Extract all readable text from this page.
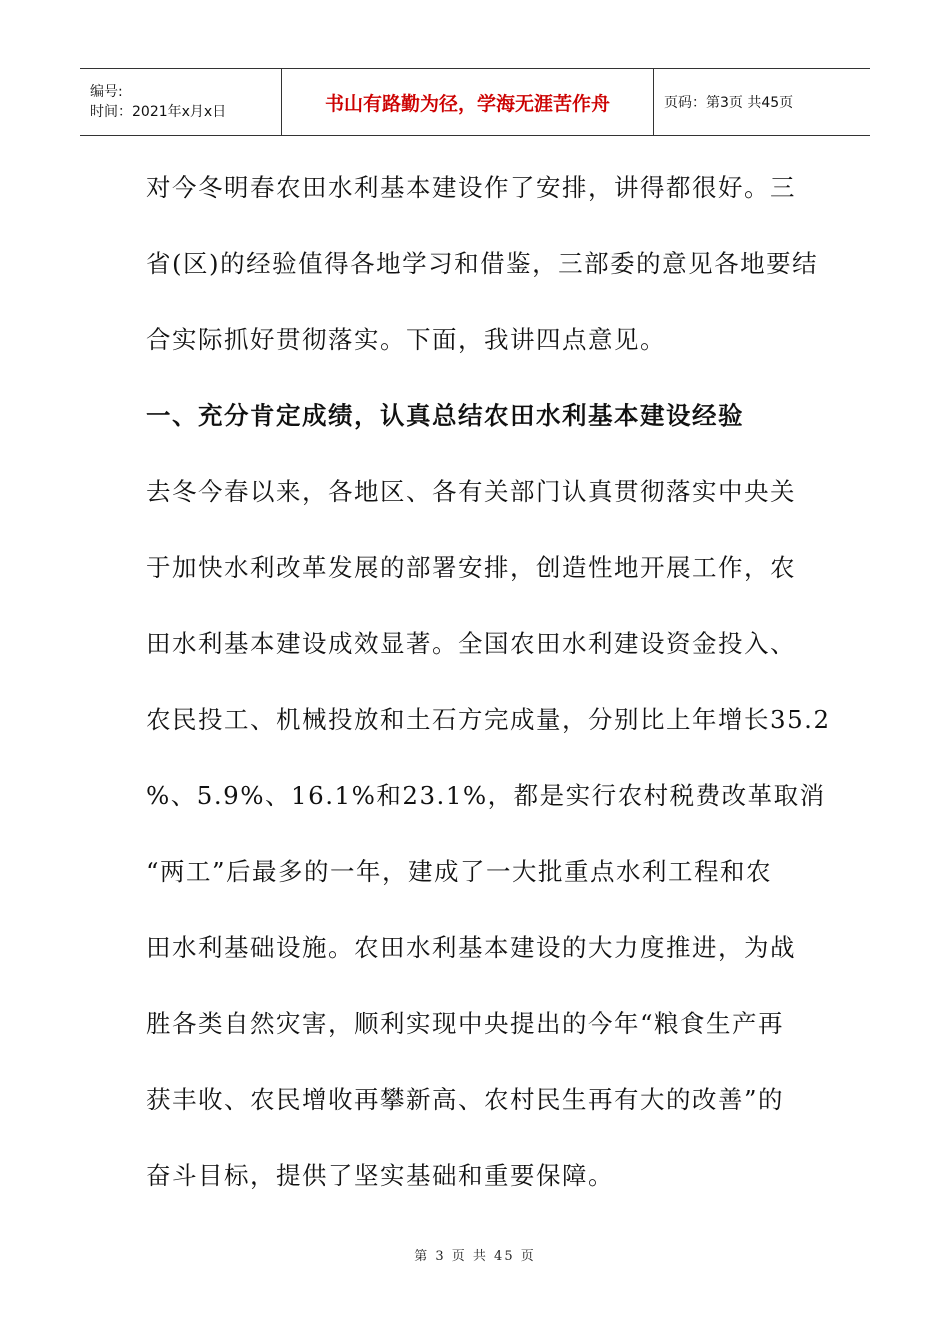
编号:
时间：2021年x月x日	书山有路勤为径，学海无涯苦作舟	页码：第3页 共45页
对今冬明春农田水利基本建设作了安排，讲得都很好。三
省(区)的经验值得各地学习和借鉴，三部委的意见各地要结
合实际抓好贯彻落实。下面，我讲四点意见。
一、充分肯定成绩，认真总结农田水利基本建设经验
去冬今春以来，各地区、各有关部门认真贯彻落实中央关
于加快水利改革发展的部署安排，创造性地开展工作，农
田水利基本建设成效显著。全国农田水利建设资金投入、
农民投工、机械投放和土石方完成量，分别比上年增长35.2
%、5.9%、16.1%和23.1%，都是实行农村税费改革取消
“两工”后最多的一年，建成了一大批重点水利工程和农
田水利基础设施。农田水利基本建设的大力度推进，为战
胜各类自然灾害，顺利实现中央提出的今年“粮食生产再
获丰收、农民增收再攀新高、农村民生再有大的改善”的
奋斗目标，提供了坚实基础和重要保障。
第 3 页 共 45 页
